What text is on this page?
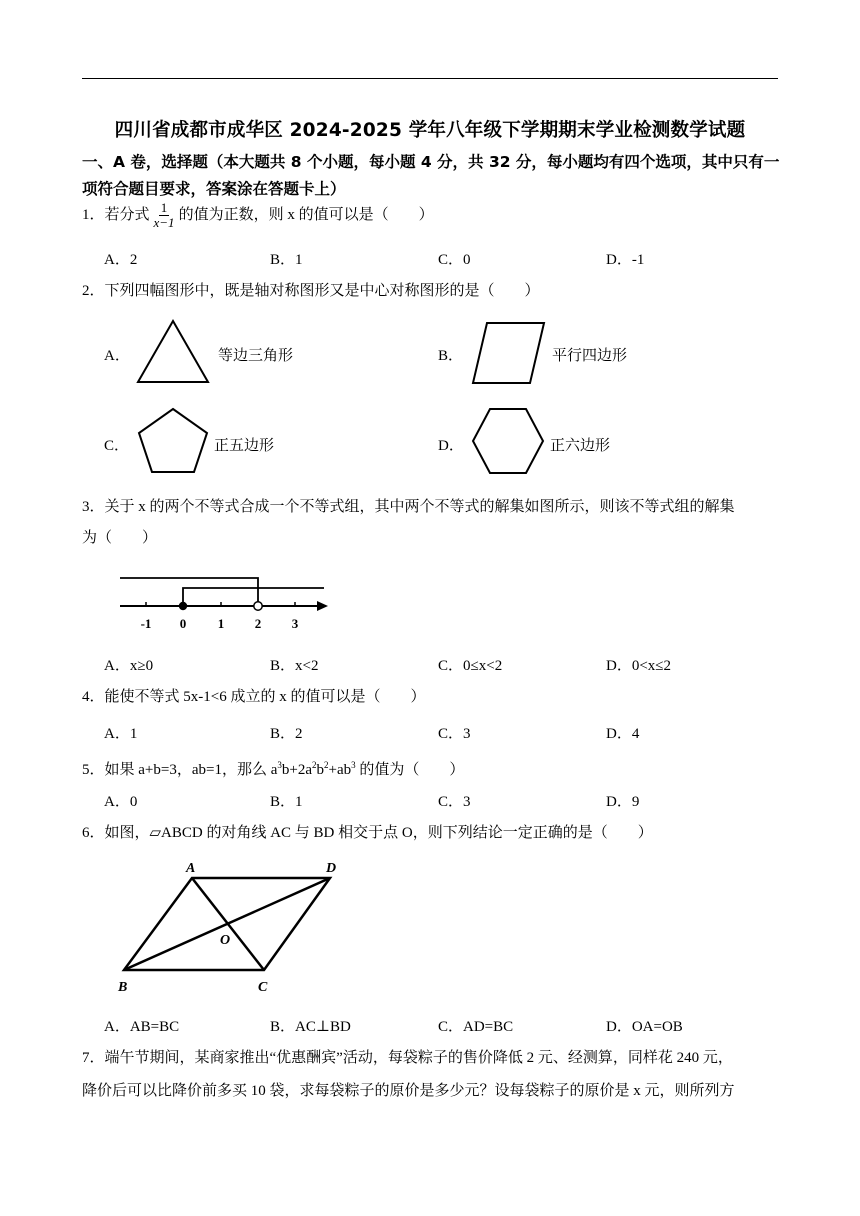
四川省成都市成华区 2024-2025 学年八年级下学期期末学业检测数学试题
一、A 卷，选择题（本大题共 8 个小题，每小题 4 分，共 32 分，每小题均有四个选项，其中只有一项符合题目要求，答案涂在答题卡上）
1．若分式 $\frac{1}{x-1}$ 的值为正数，则 x 的值可以是（　　）
A．2	B．1	C．0	D．-1
2．下列四幅图形中，既是轴对称图形又是中心对称图形的是（　　）
A．	等边三角形	B．	平行四边形
C．	正五边形	D．	正六边形
3．关于 x 的两个不等式合成一个不等式组，其中两个不等式的解集如图所示，则该不等式组的解集
为（　　）
-1 0 1 2 3
A．x≥0	B．x<2	C．0≤x<2	D．0<x≤2
4．能使不等式 5x-1<6 成立的 x 的值可以是（　　）
A．1	B．2	C．3	D．4
5．如果 a+b=3，ab=1，那么 $a^3b+2a^2b^2+ab^3$ 的值为（　　）
A．0	B．1	C．3	D．9
6．如图，▱ABCD 的对角线 AC 与 BD 相交于点 O，则下列结论一定正确的是（　　）
A	D
O
B	C
A．AB=BC	B．AC⊥BD	C．AD=BC	D．OA=OB
7．端午节期间，某商家推出“优惠酬宾”活动，每袋粽子的售价降低 2 元、经测算，同样花 240 元，
降价后可以比降价前多买 10 袋，求每袋粽子的原价是多少元？设每袋粽子的原价是 x 元，则所列方
